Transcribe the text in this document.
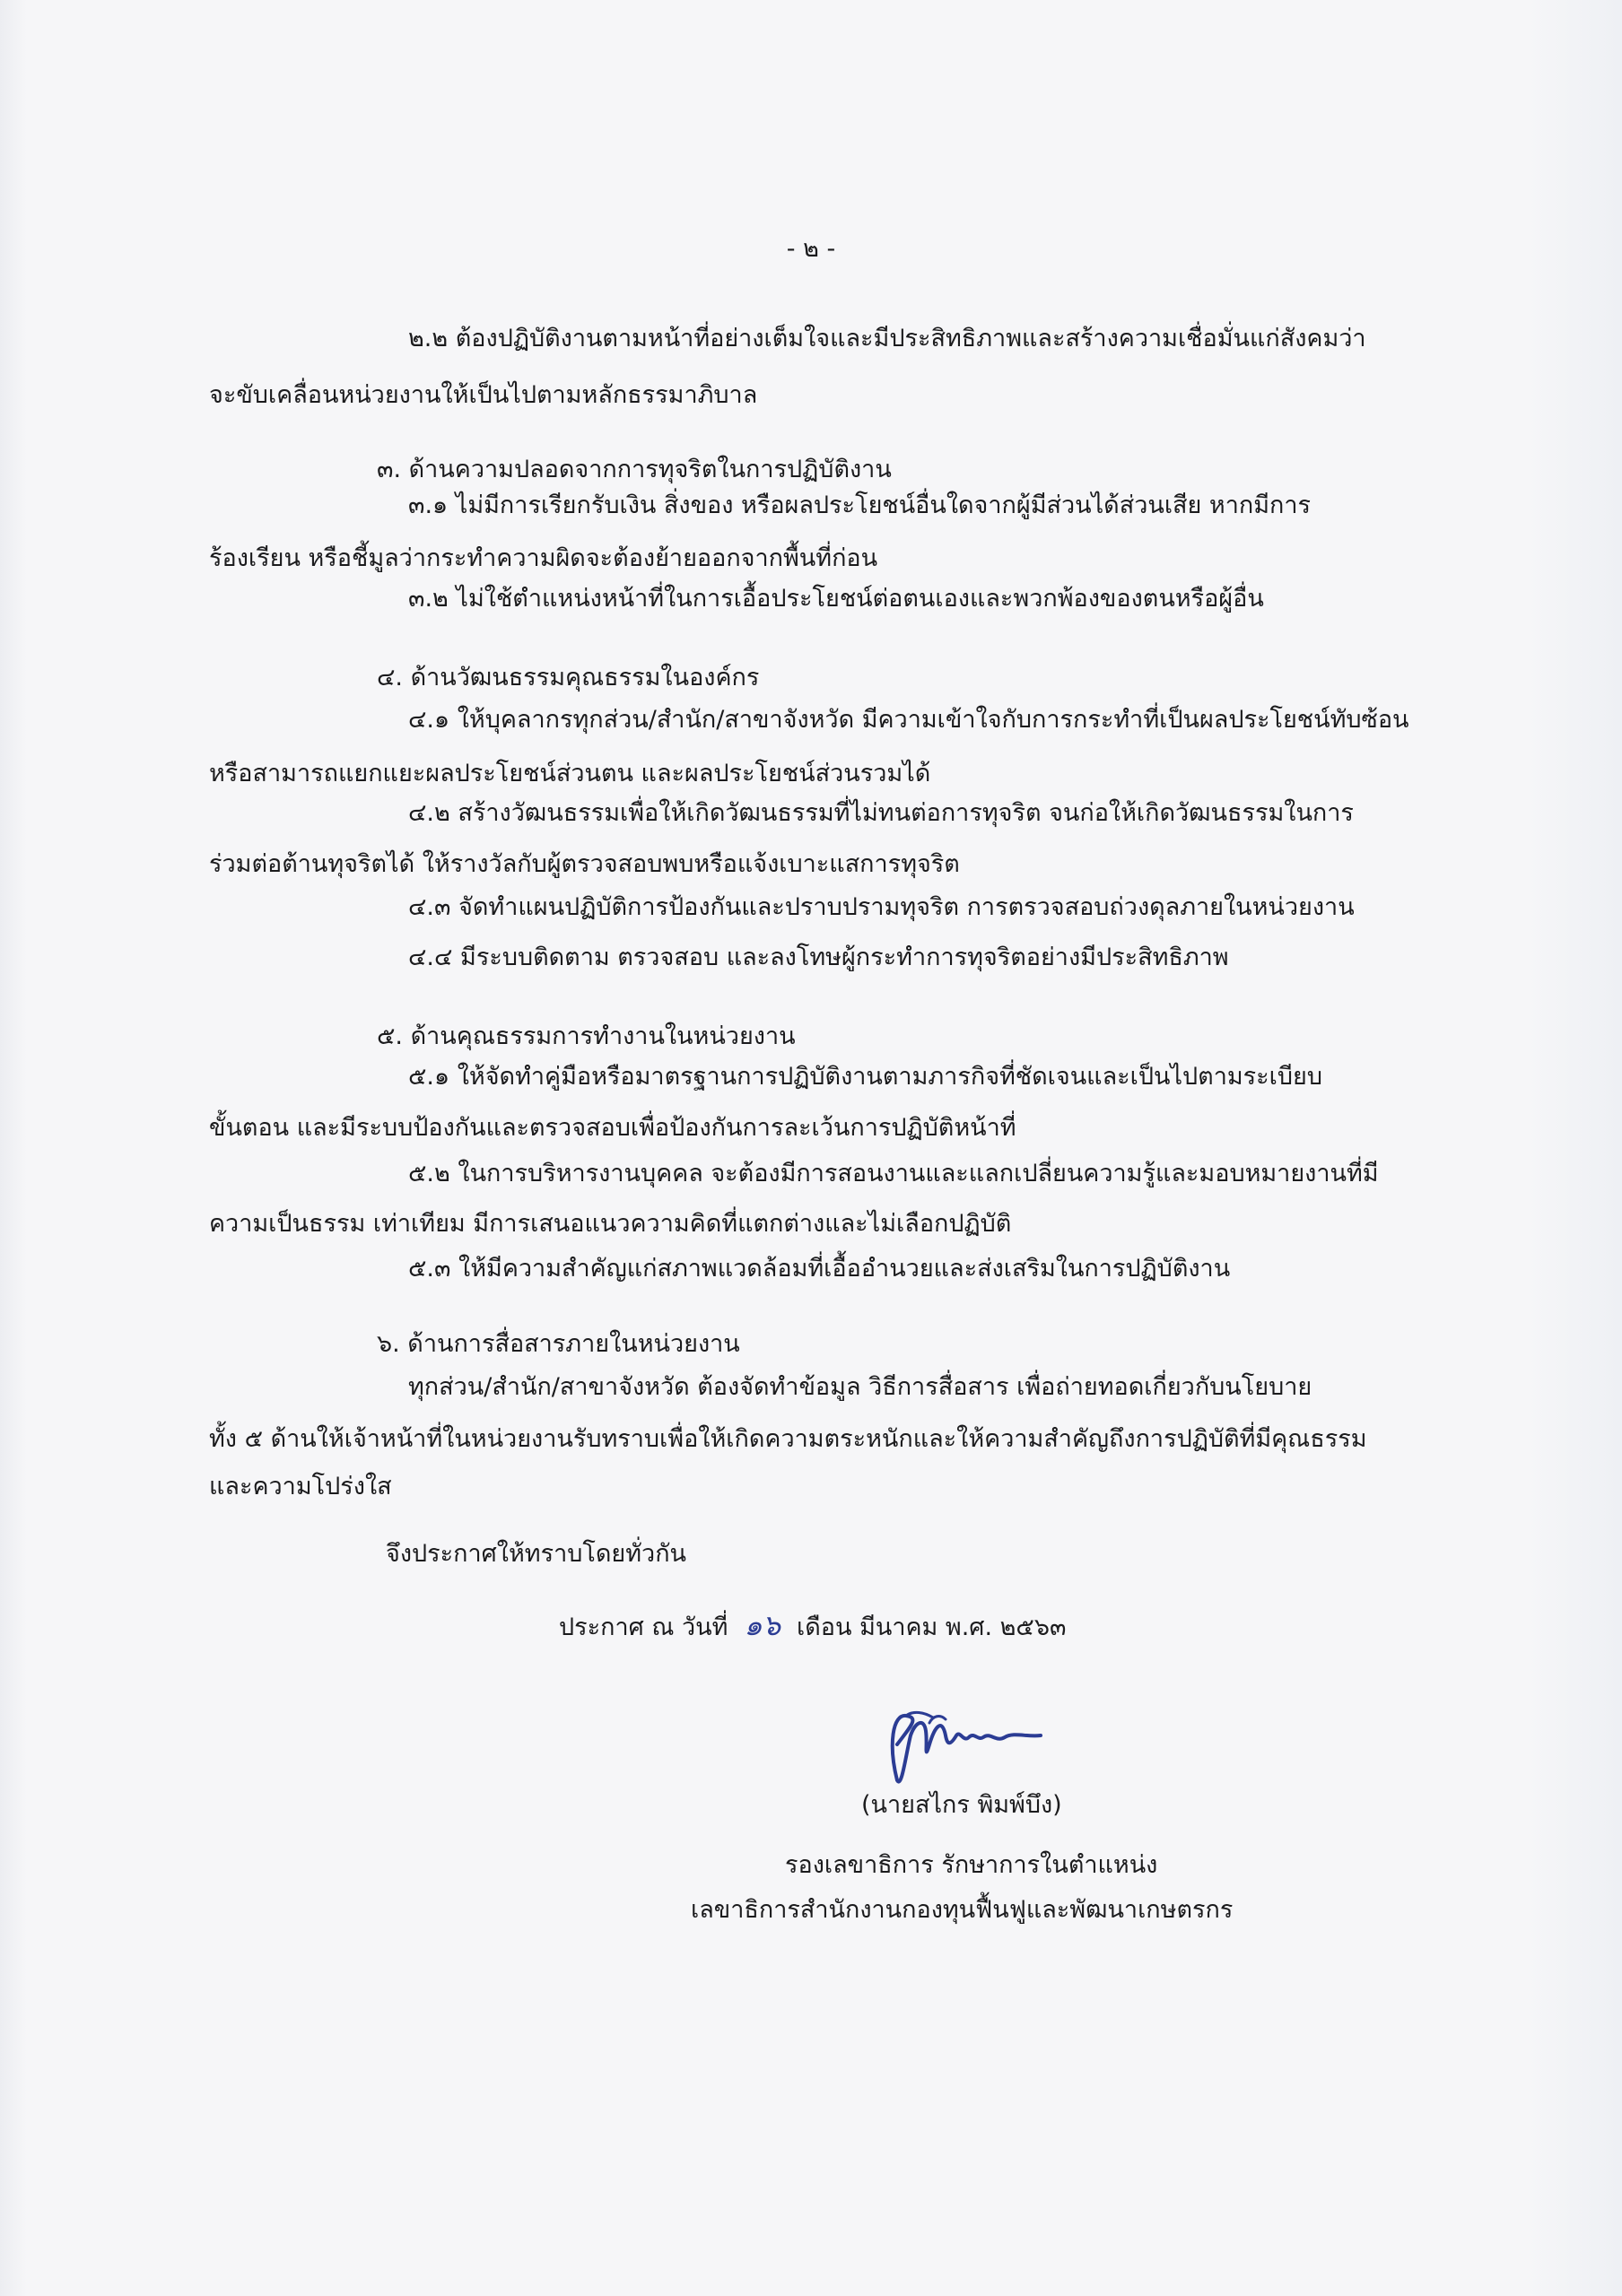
- ๒ -
๒.๒ ต้องปฏิบัติงานตามหน้าที่อย่างเต็มใจและมีประสิทธิภาพและสร้างความเชื่อมั่นแก่สังคมว่า
จะขับเคลื่อนหน่วยงานให้เป็นไปตามหลักธรรมาภิบาล
๓. ด้านความปลอดจากการทุจริตในการปฏิบัติงาน
๓.๑ ไม่มีการเรียกรับเงิน สิ่งของ หรือผลประโยชน์อื่นใดจากผู้มีส่วนได้ส่วนเสีย หากมีการ
ร้องเรียน หรือชี้มูลว่ากระทำความผิดจะต้องย้ายออกจากพื้นที่ก่อน
๓.๒ ไม่ใช้ตำแหน่งหน้าที่ในการเอื้อประโยชน์ต่อตนเองและพวกพ้องของตนหรือผู้อื่น
๔. ด้านวัฒนธรรมคุณธรรมในองค์กร
๔.๑ ให้บุคลากรทุกส่วน/สำนัก/สาขาจังหวัด มีความเข้าใจกับการกระทำที่เป็นผลประโยชน์ทับซ้อน
หรือสามารถแยกแยะผลประโยชน์ส่วนตน และผลประโยชน์ส่วนรวมได้
๔.๒ สร้างวัฒนธรรมเพื่อให้เกิดวัฒนธรรมที่ไม่ทนต่อการทุจริต จนก่อให้เกิดวัฒนธรรมในการ
ร่วมต่อต้านทุจริตได้ ให้รางวัลกับผู้ตรวจสอบพบหรือแจ้งเบาะแสการทุจริต
๔.๓ จัดทำแผนปฏิบัติการป้องกันและปราบปรามทุจริต การตรวจสอบถ่วงดุลภายในหน่วยงาน
๔.๔ มีระบบติดตาม ตรวจสอบ และลงโทษผู้กระทำการทุจริตอย่างมีประสิทธิภาพ
๕. ด้านคุณธรรมการทำงานในหน่วยงาน
๕.๑ ให้จัดทำคู่มือหรือมาตรฐานการปฏิบัติงานตามภารกิจที่ชัดเจนและเป็นไปตามระเบียบ
ขั้นตอน และมีระบบป้องกันและตรวจสอบเพื่อป้องกันการละเว้นการปฏิบัติหน้าที่
๕.๒ ในการบริหารงานบุคคล จะต้องมีการสอนงานและแลกเปลี่ยนความรู้และมอบหมายงานที่มี
ความเป็นธรรม เท่าเทียม มีการเสนอแนวความคิดที่แตกต่างและไม่เลือกปฏิบัติ
๕.๓ ให้มีความสำคัญแก่สภาพแวดล้อมที่เอื้ออำนวยและส่งเสริมในการปฏิบัติงาน
๖. ด้านการสื่อสารภายในหน่วยงาน
ทุกส่วน/สำนัก/สาขาจังหวัด ต้องจัดทำข้อมูล วิธีการสื่อสาร เพื่อถ่ายทอดเกี่ยวกับนโยบาย
ทั้ง ๕ ด้านให้เจ้าหน้าที่ในหน่วยงานรับทราบเพื่อให้เกิดความตระหนักและให้ความสำคัญถึงการปฏิบัติที่มีคุณธรรม
และความโปร่งใส
จึงประกาศให้ทราบโดยทั่วกัน
ประกาศ ณ วันที่ ๑๖ เดือน มีนาคม พ.ศ. ๒๕๖๓
(นายสไกร พิมพ์บึง)
รองเลขาธิการ รักษาการในตำแหน่ง
เลขาธิการสำนักงานกองทุนฟื้นฟูและพัฒนาเกษตรกร
